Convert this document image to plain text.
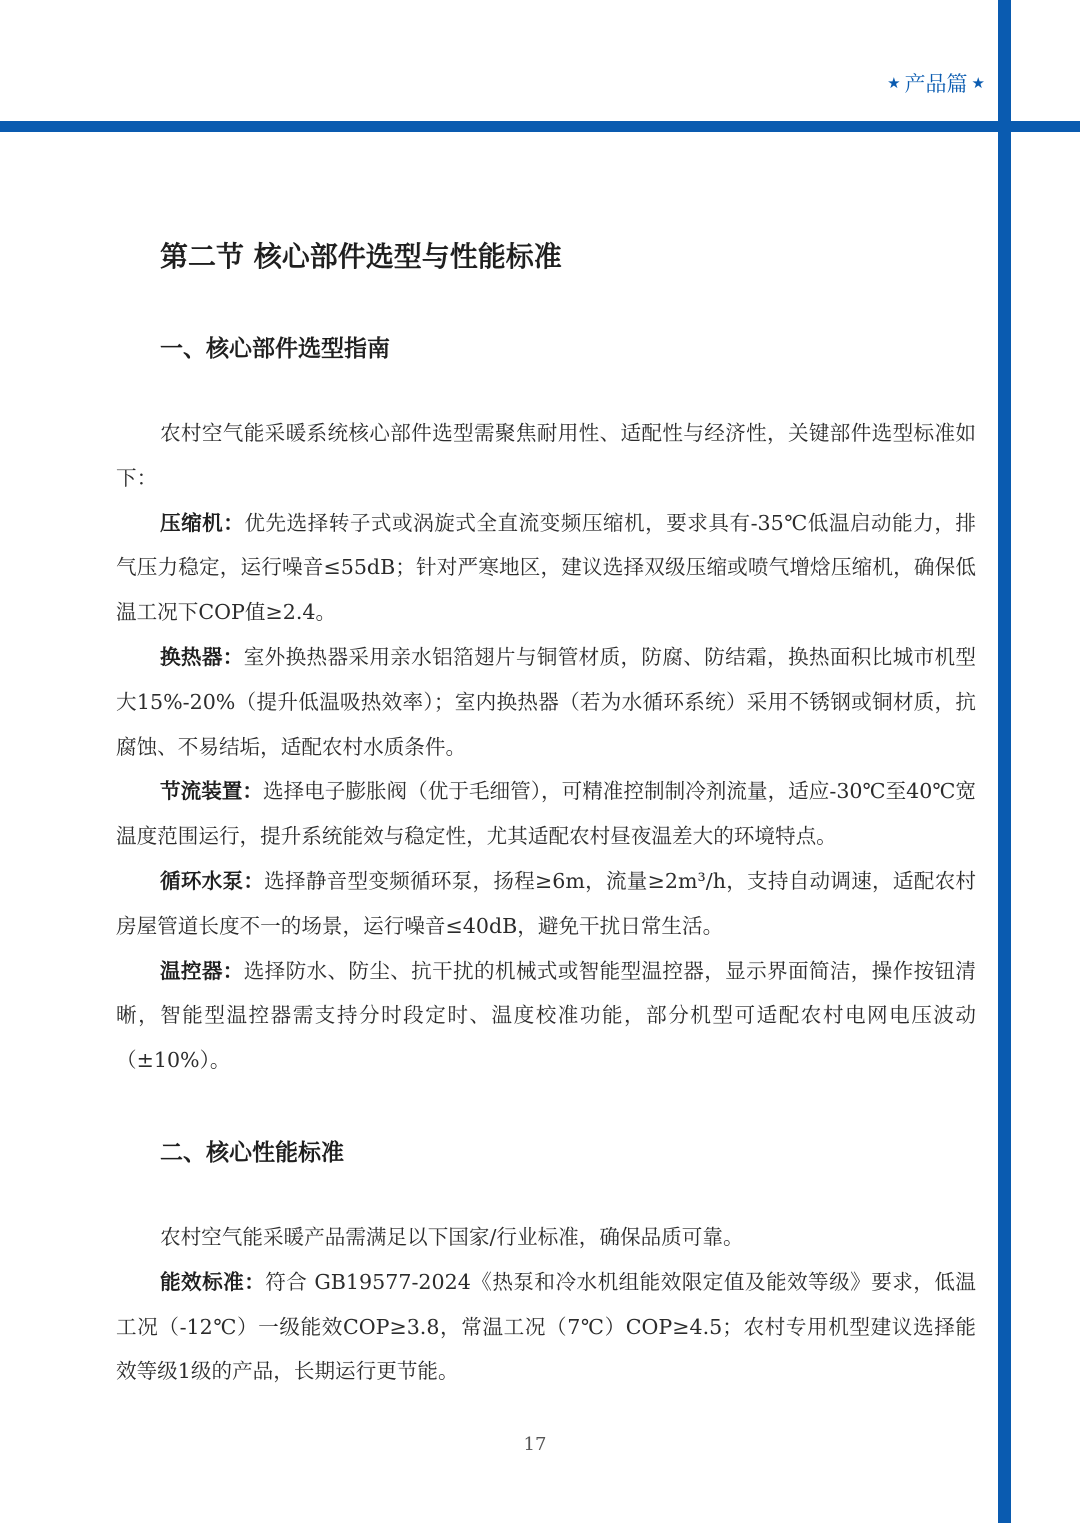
★ 产品篇 ★
第二节 核心部件选型与性能标准
一、核心部件选型指南

农村空气能采暖系统核心部件选型需聚焦耐用性、适配性与经济性，关键部件选型标准如下：

压缩机：优先选择转子式或涡旋式全直流变频压缩机，要求具有-35℃低温启动能力，排气压力稳定，运行噪音≤55dB；针对严寒地区，建议选择双级压缩或喷气增焓压缩机，确保低温工况下COP值≥2.4。

换热器：室外换热器采用亲水铝箔翅片与铜管材质，防腐、防结霜，换热面积比城市机型大15%-20%（提升低温吸热效率）；室内换热器（若为水循环系统）采用不锈钢或铜材质，抗腐蚀、不易结垢，适配农村水质条件。

节流装置：选择电子膨胀阀（优于毛细管），可精准控制制冷剂流量，适应-30℃至40℃宽温度范围运行，提升系统能效与稳定性，尤其适配农村昼夜温差大的环境特点。

循环水泵：选择静音型变频循环泵，扬程≥6m，流量≥2m³/h，支持自动调速，适配农村房屋管道长度不一的场景，运行噪音≤40dB，避免干扰日常生活。

温控器：选择防水、防尘、抗干扰的机械式或智能型温控器，显示界面简洁，操作按钮清晰，智能型温控器需支持分时段定时、温度校准功能，部分机型可适配农村电网电压波动（±10%）。

二、核心性能标准

农村空气能采暖产品需满足以下国家/行业标准，确保品质可靠。

能效标准：符合 GB19577-2024《热泵和冷水机组能效限定值及能效等级》要求，低温工况（-12℃）一级能效COP≥3.8，常温工况（7℃）COP≥4.5；农村专用机型建议选择能效等级1级的产品，长期运行更节能。

17
